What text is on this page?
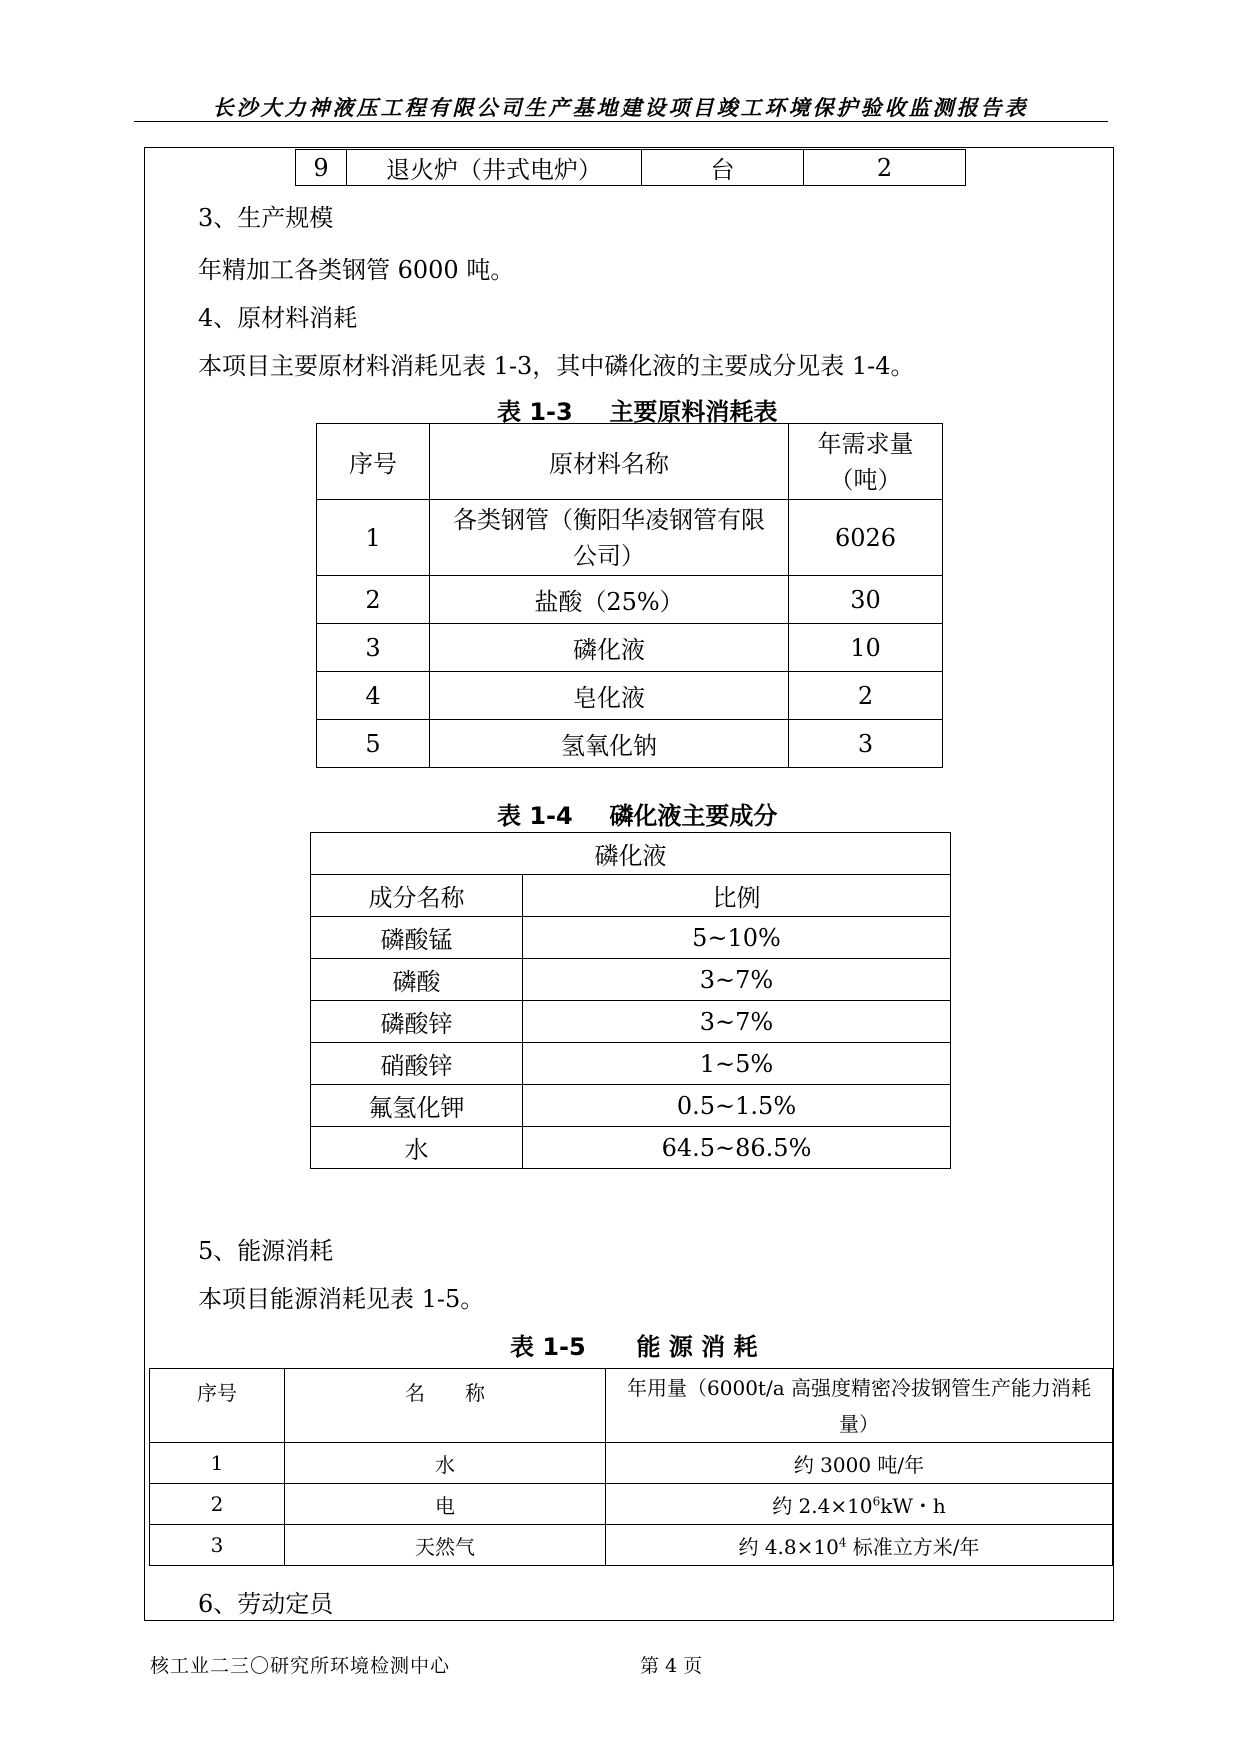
长沙大力神液压工程有限公司生产基地建设项目竣工环境保护验收监测报告表
9	退火炉（井式电炉）	台	2
3、生产规模
年精加工各类钢管 6000 吨。
4、原材料消耗
本项目主要原材料消耗见表 1-3，其中磷化液的主要成分见表 1-4。
表 1-3 主要原料消耗表
序号	原材料名称	年需求量
（吨）

1	各类钢管（衡阳华凌钢管有限
公司）	6026
2	盐酸（25%）	30
3	磷化液	10
4	皂化液	2
5	氢氧化钠	3
表 1-4 磷化液主要成分
磷化液	
成分名称	比例
磷酸锰	5~10%
磷酸	3~7%
磷酸锌	3~7%
硝酸锌	1~5%
氟氢化钾	0.5~1.5%
水	64.5~86.5%
5、能源消耗
本项目能源消耗见表 1-5。
表 1-5 能 源 消 耗
序号	名　　称	年用量（6000t/a 高强度精密冷拔钢管生产能力消耗
量）

1	水	约 3000 吨/年
2	电	约 $2.4\times 10^6kW$・h
3	天然气	约 $4.8\times 10^4$ 标准立方米/年
6、劳动定员
核工业二三〇研究所环境检测中心	第 4 页
